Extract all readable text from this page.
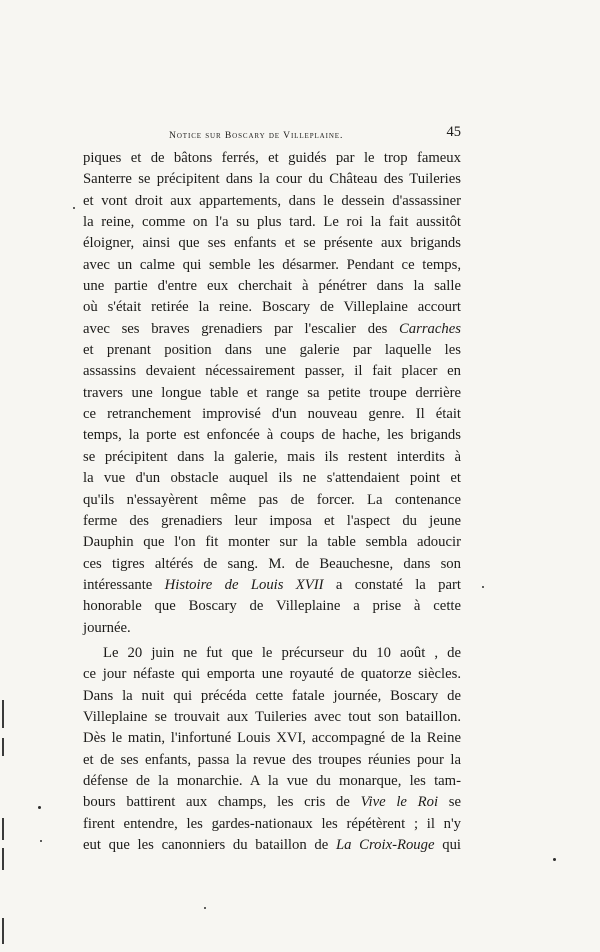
Notice sur Boscary de Villeplaine.	45
piques et de bâtons ferrés, et guidés par le trop fameux
Santerre se précipitent dans la cour du Château des Tuileries
et vont droit aux appartements, dans le dessein d'assassiner
la reine, comme on l'a su plus tard. Le roi la fait aussitôt
éloigner, ainsi que ses enfants et se présente aux brigands
avec un calme qui semble les désarmer. Pendant ce temps,
une partie d'entre eux cherchait à pénétrer dans la salle
où s'était retirée la reine. Boscary de Villeplaine accourt
avec ses braves grenadiers par l'escalier des Carraches
et prenant position dans une galerie par laquelle les
assassins devaient nécessairement passer, il fait placer en
travers une longue table et range sa petite troupe derrière
ce retranchement improvisé d'un nouveau genre. Il était
temps, la porte est enfoncée à coups de hache, les brigands
se précipitent dans la galerie, mais ils restent interdits à
la vue d'un obstacle auquel ils ne s'attendaient point et
qu'ils n'essayèrent même pas de forcer. La contenance
ferme des grenadiers leur imposa et l'aspect du jeune
Dauphin que l'on fit monter sur la table sembla adoucir
ces tigres altérés de sang. M. de Beauchesne, dans son
intéressante Histoire de Louis XVII a constaté la part
honorable que Boscary de Villeplaine a prise à cette
journée.
Le 20 juin ne fut que le précurseur du 10 août , de
ce jour néfaste qui emporta une royauté de quatorze siècles.
Dans la nuit qui précéda cette fatale journée, Boscary de
Villeplaine se trouvait aux Tuileries avec tout son bataillon.
Dès le matin, l'infortuné Louis XVI, accompagné de la Reine
et de ses enfants, passa la revue des troupes réunies pour la
défense de la monarchie. A la vue du monarque, les tam-
bours battirent aux champs, les cris de Vive le Roi se
firent entendre, les gardes-nationaux les répétèrent ; il n'y
eut que les canonniers du bataillon de La Croix-Rouge qui
